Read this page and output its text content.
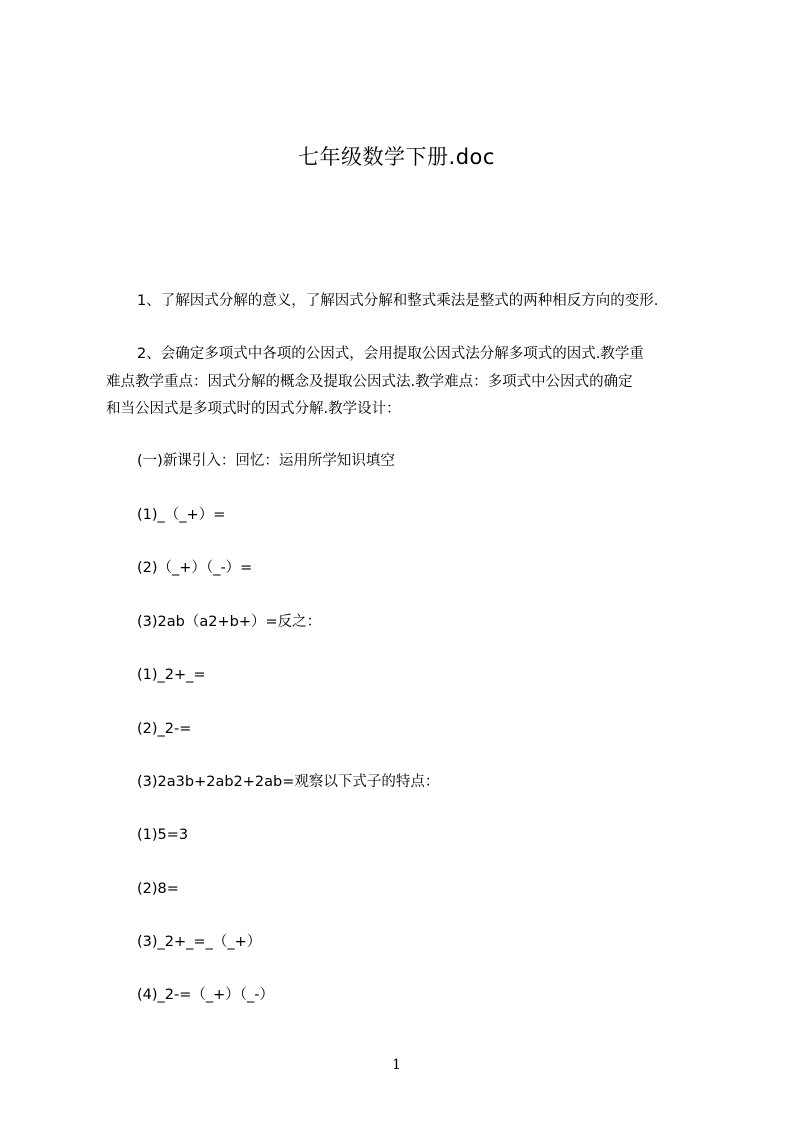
七年级数学下册.doc
1、了解因式分解的意义，了解因式分解和整式乘法是整式的两种相反方向的变形.
2、会确定多项式中各项的公因式，会用提取公因式法分解多项式的因式.教学重
难点教学重点：因式分解的概念及提取公因式法.教学难点：多项式中公因式的确定
和当公因式是多项式时的因式分解.教学设计：
(一)新课引入：回忆：运用所学知识填空
(1)_（_+）=
(2)（_+）（_-）=
(3)2ab（a2+b+）=反之：
(1)_2+_=
(2)_2-=
(3)2a3b+2ab2+2ab=观察以下式子的特点：
(1)5=3
(2)8=
(3)_2+_=_（_+）
(4)_2-=（_+）（_-）
1
